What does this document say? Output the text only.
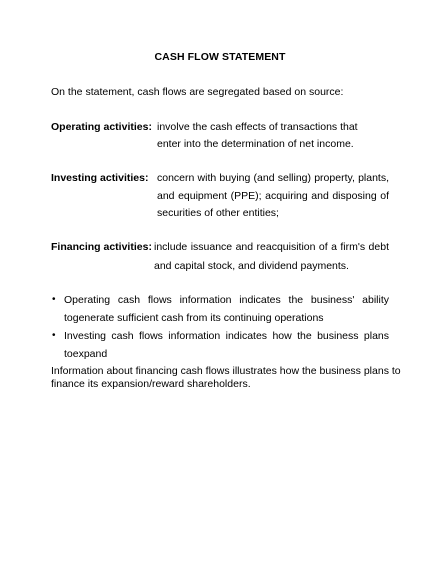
CASH FLOW STATEMENT
On the statement, cash flows are segregated based on source:
Operating activities: involve the cash effects of transactions that
enter into the determination of net income.
Investing activities: concern with buying (and selling) property, plants,
and equipment (PPE); acquiring and disposing of
securities of other entities;
Financing activities: include issuance and reacquisition of a firm's debt
and capital stock, and dividend payments.
• Operating cash flows information indicates the business' ability
togenerate sufficient cash from its continuing operations
• Investing cash flows information indicates how the business plans
toexpand
Information about financing cash flows illustrates how the business plans to
finance its expansion/reward shareholders.
